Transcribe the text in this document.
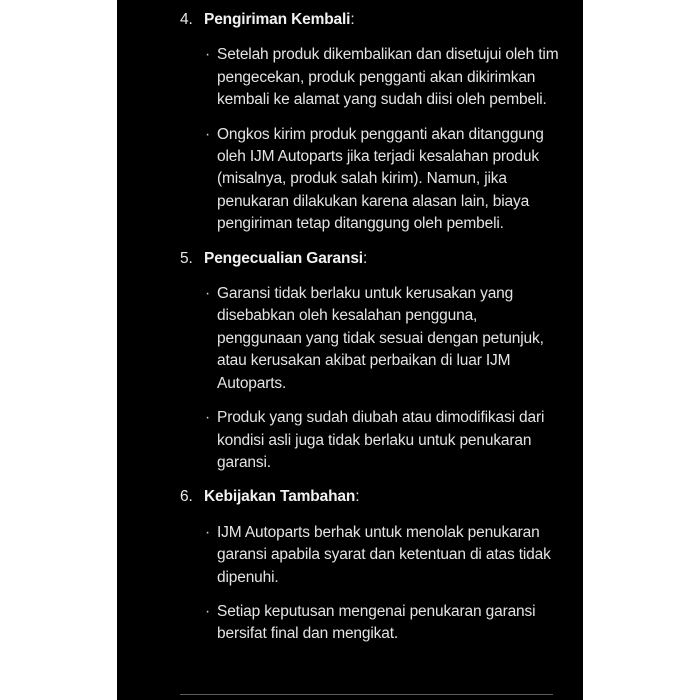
4. Pengiriman Kembali:
· Setelah produk dikembalikan dan disetujui oleh tim pengecekan, produk pengganti akan dikirimkan kembali ke alamat yang sudah diisi oleh pembeli.

· Ongkos kirim produk pengganti akan ditanggung oleh IJM Autoparts jika terjadi kesalahan produk (misalnya, produk salah kirim). Namun, jika penukaran dilakukan karena alasan lain, biaya pengiriman tetap ditanggung oleh pembeli.

5. Pengecualian Garansi:
· Garansi tidak berlaku untuk kerusakan yang disebabkan oleh kesalahan pengguna, penggunaan yang tidak sesuai dengan petunjuk, atau kerusakan akibat perbaikan di luar IJM Autoparts.

· Produk yang sudah diubah atau dimodifikasi dari kondisi asli juga tidak berlaku untuk penukaran garansi.

6. Kebijakan Tambahan:
· IJM Autoparts berhak untuk menolak penukaran garansi apabila syarat dan ketentuan di atas tidak dipenuhi.

· Setiap keputusan mengenai penukaran garansi bersifat final dan mengikat.
